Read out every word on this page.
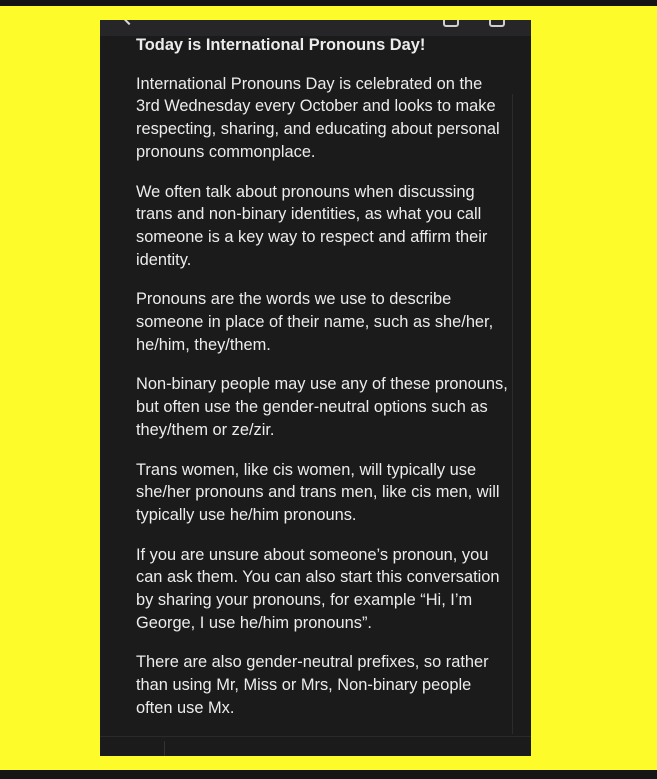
Today is International Pronouns Day!
International Pronouns Day is celebrated on the 3rd Wednesday every October and looks to make respecting, sharing, and educating about personal pronouns commonplace.
We often talk about pronouns when discussing trans and non-binary identities, as what you call someone is a key way to respect and affirm their identity.
Pronouns are the words we use to describe someone in place of their name, such as she/her, he/him, they/them.
Non-binary people may use any of these pronouns, but often use the gender-neutral options such as they/them or ze/zir.
Trans women, like cis women, will typically use she/her pronouns and trans men, like cis men, will typically use he/him pronouns.
If you are unsure about someone’s pronoun, you can ask them. You can also start this conversation by sharing your pronouns, for example “Hi, I’m George, I use he/him pronouns”.
There are also gender-neutral prefixes, so rather than using Mr, Miss or Mrs, Non-binary people often use Mx.
